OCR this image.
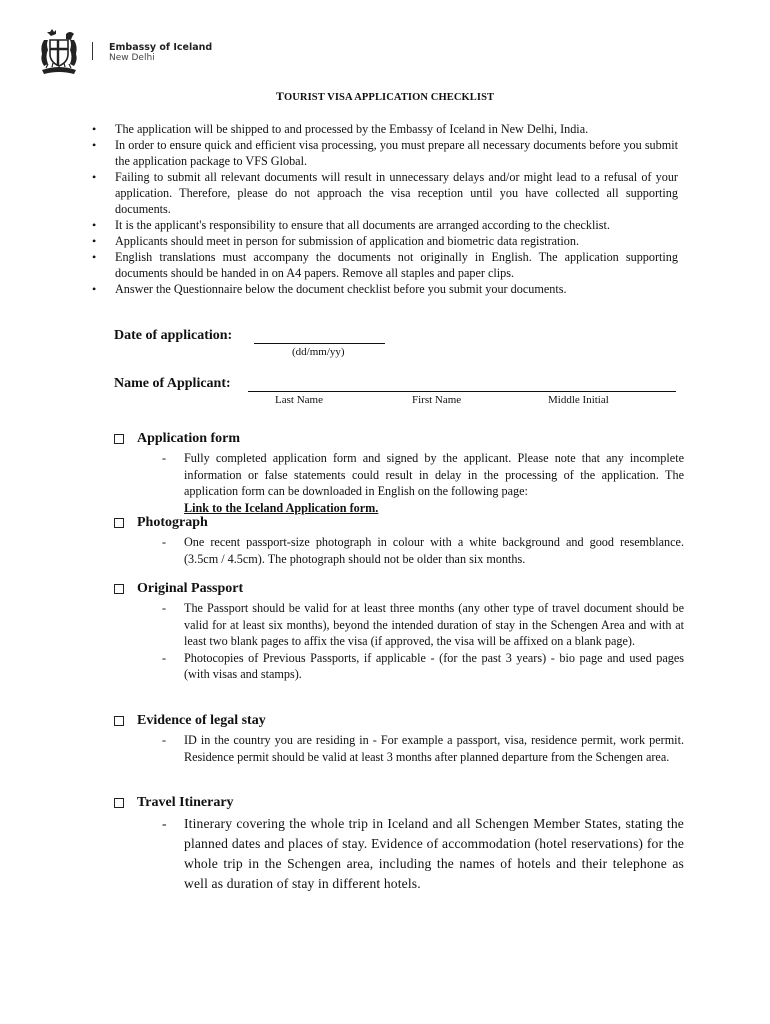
Embassy of Iceland
New Delhi
TOURIST VISA APPLICATION CHECKLIST
• The application will be shipped to and processed by the Embassy of Iceland in New Delhi, India.
• In order to ensure quick and efficient visa processing, you must prepare all necessary documents before you submit the application package to VFS Global.
• Failing to submit all relevant documents will result in unnecessary delays and/or might lead to a refusal of your application. Therefore, please do not approach the visa reception until you have collected all supporting documents.
• It is the applicant's responsibility to ensure that all documents are arranged according to the checklist.
• Applicants should meet in person for submission of application and biometric data registration.
• English translations must accompany the documents not originally in English. The application supporting documents should be handed in on A4 papers. Remove all staples and paper clips.
• Answer the Questionnaire below the document checklist before you submit your documents.
Date of application:
(dd/mm/yy)
Name of Applicant:
Last Name	First Name	Middle Initial
Application form
- Fully completed application form and signed by the applicant. Please note that any incomplete information or false statements could result in delay in the processing of the application. The application form can be downloaded in English on the following page:
Link to the Iceland Application form.
Photograph
- One recent passport-size photograph in colour with a white background and good resemblance. (3.5cm / 4.5cm). The photograph should not be older than six months.
Original Passport
- The Passport should be valid for at least three months (any other type of travel document should be valid for at least six months), beyond the intended duration of stay in the Schengen Area and with at least two blank pages to affix the visa (if approved, the visa will be affixed on a blank page).
- Photocopies of Previous Passports, if applicable - (for the past 3 years) - bio page and used pages (with visas and stamps).
Evidence of legal stay
- ID in the country you are residing in - For example a passport, visa, residence permit, work permit. Residence permit should be valid at least 3 months after planned departure from the Schengen area.
Travel Itinerary
- Itinerary covering the whole trip in Iceland and all Schengen Member States, stating the planned dates and places of stay. Evidence of accommodation (hotel reservations) for the whole trip in the Schengen area, including the names of hotels and their telephone as well as duration of stay in different hotels.
